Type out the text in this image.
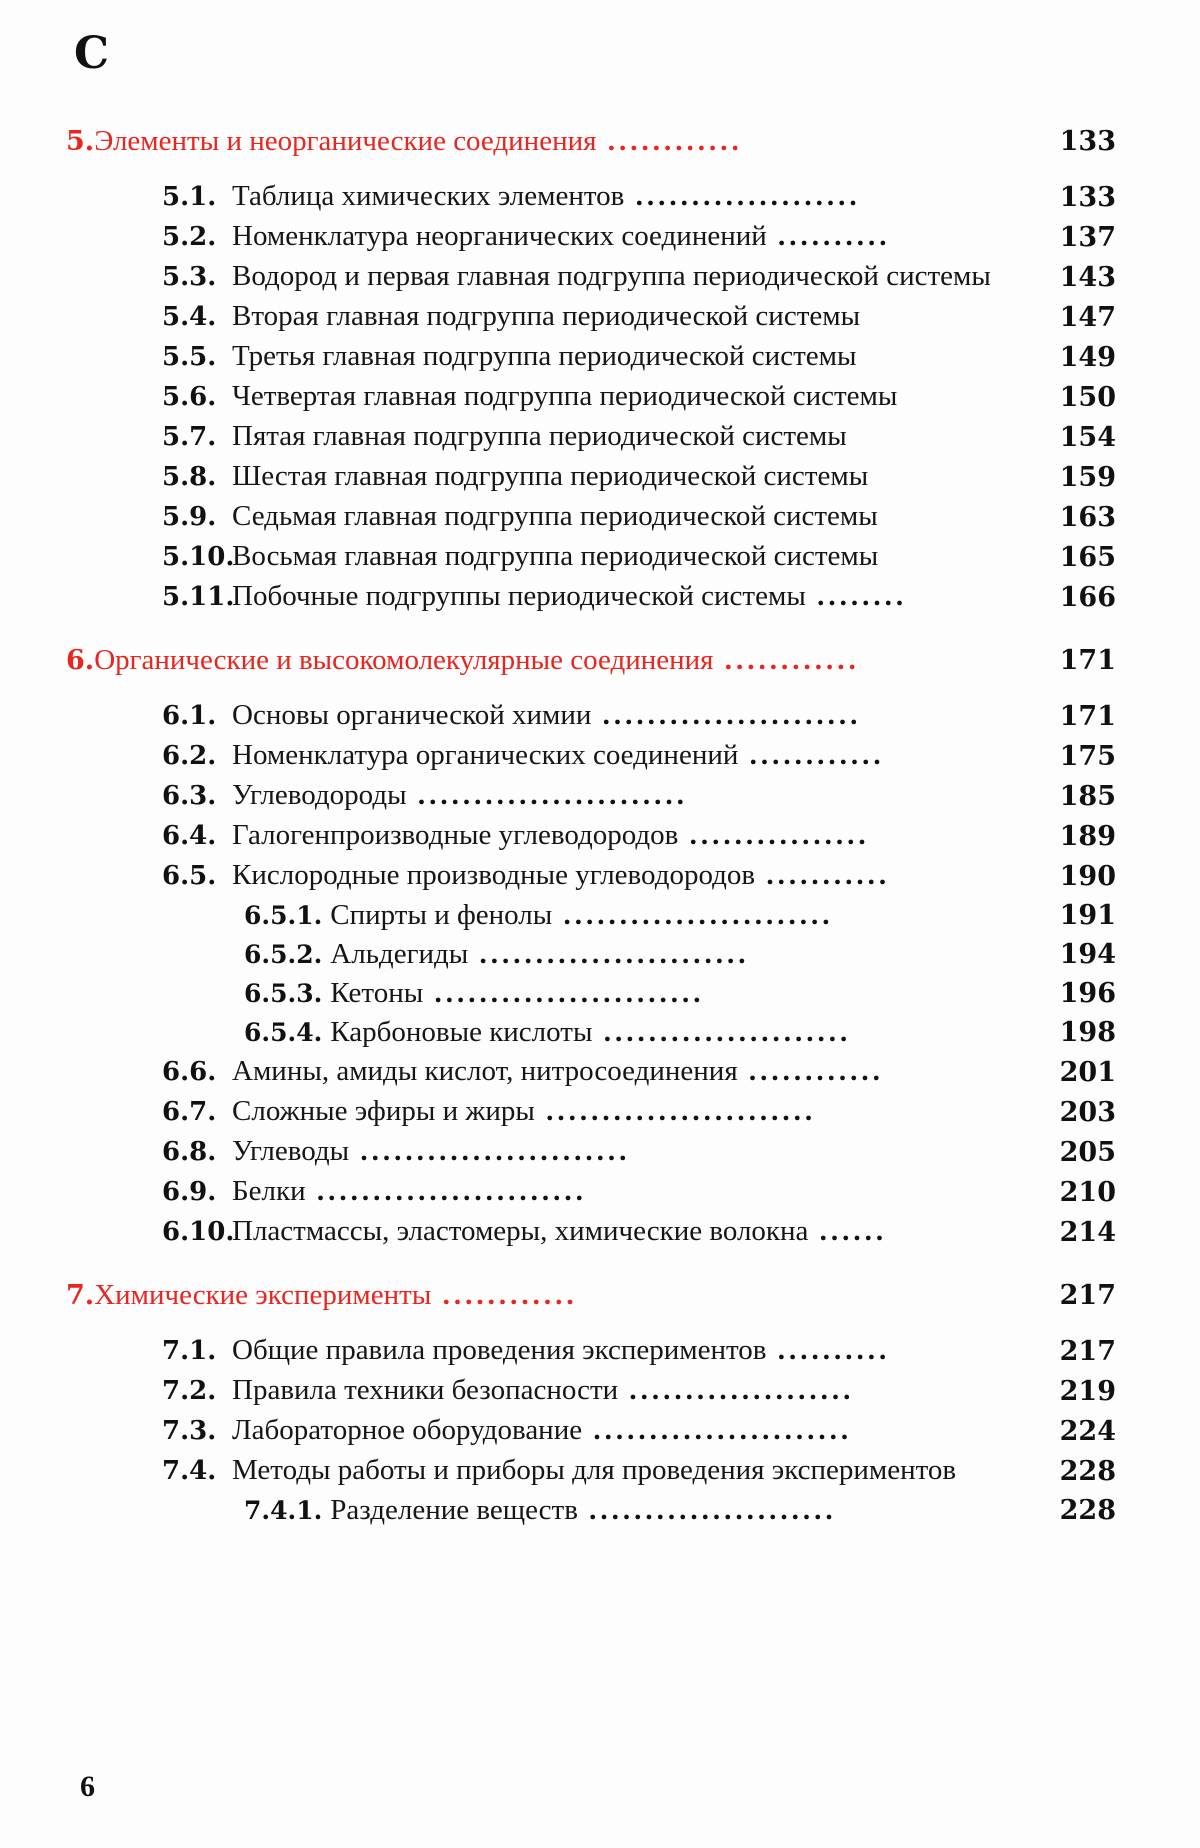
С
5.Элементы и неорганические соединения ............	133
5.1. Таблица химических элементов ....................	133
5.2. Номенклатура неорганических соединений ..........	137
5.3. Водород и первая главная подгруппа периодической системы	143
5.4. Вторая главная подгруппа периодической системы	147
5.5. Третья главная подгруппа периодической системы	149
5.6. Четвертая главная подгруппа периодической системы	150
5.7. Пятая главная подгруппа периодической системы	154
5.8. Шестая главная подгруппа периодической системы	159
5.9. Седьмая главная подгруппа периодической системы	163
5.10.Восьмая главная подгруппа периодической системы	165
5.11.Побочные подгруппы периодической системы ........	166
6.Органические и высокомолекулярные соединения ............	171
6.1. Основы органической химии .......................	171
6.2. Номенклатура органических соединений ............	175
6.3. Углеводороды ........................	185
6.4. Галогенпроизводные углеводородов ................	189
6.5. Кислородные производные углеводородов ...........	190
6.5.1. Спирты и фенолы ........................	191
6.5.2. Альдегиды ........................	194
6.5.3. Кетоны ........................	196
6.5.4. Карбоновые кислоты ......................	198
6.6. Амины, амиды кислот, нитросоединения ............	201
6.7. Сложные эфиры и жиры ........................	203
6.8. Углеводы ........................	205
6.9. Белки ........................	210
6.10.Пластмассы, эластомеры, химические волокна ......	214
7.Химические эксперименты ............	217
7.1. Общие правила проведения экспериментов ..........	217
7.2. Правила техники безопасности ....................	219
7.3. Лабораторное оборудование .......................	224
7.4. Методы работы и приборы для проведения экспериментов	228
7.4.1. Разделение веществ ......................	228
6
